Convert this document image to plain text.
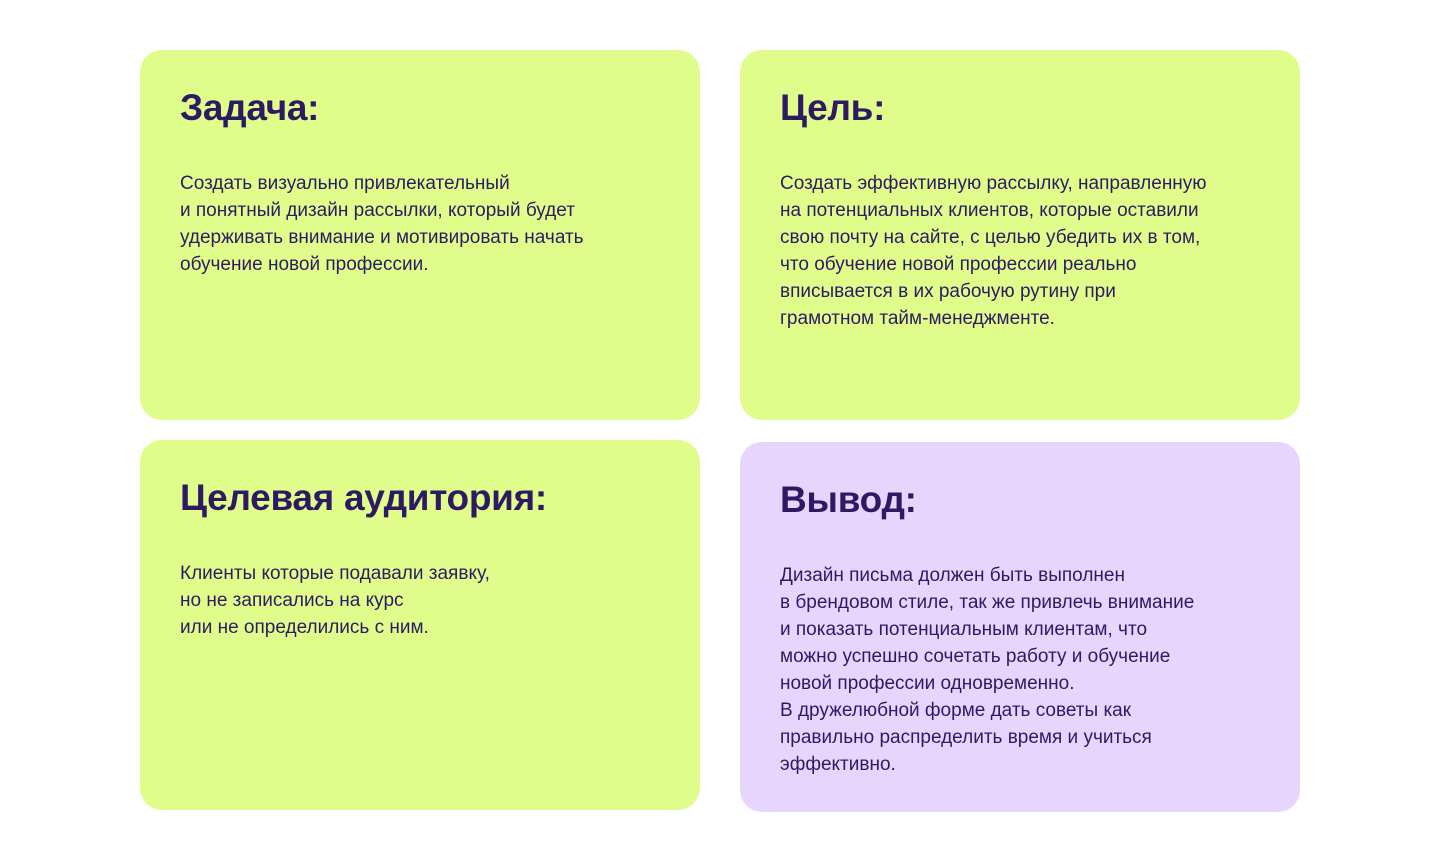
Задача:
Создать визуально привлекательный
и понятный дизайн рассылки, который будет
удерживать внимание и мотивировать начать
обучение новой профессии.
Цель:
Создать эффективную рассылку, направленную
на потенциальных клиентов, которые оставили
свою почту на сайте, с целью убедить их в том,
что обучение новой профессии реально
вписывается в их рабочую рутину при
грамотном тайм-менеджменте.
Целевая аудитория:
Клиенты которые подавали заявку,
но не записались на курс
или не определились с ним.
Вывод:
Дизайн письма должен быть выполнен
в брендовом стиле, так же привлечь внимание
и показать потенциальным клиентам, что
можно успешно сочетать работу и обучение
новой профессии одновременно.
В дружелюбной форме дать советы как
правильно распределить время и учиться
эффективно.
